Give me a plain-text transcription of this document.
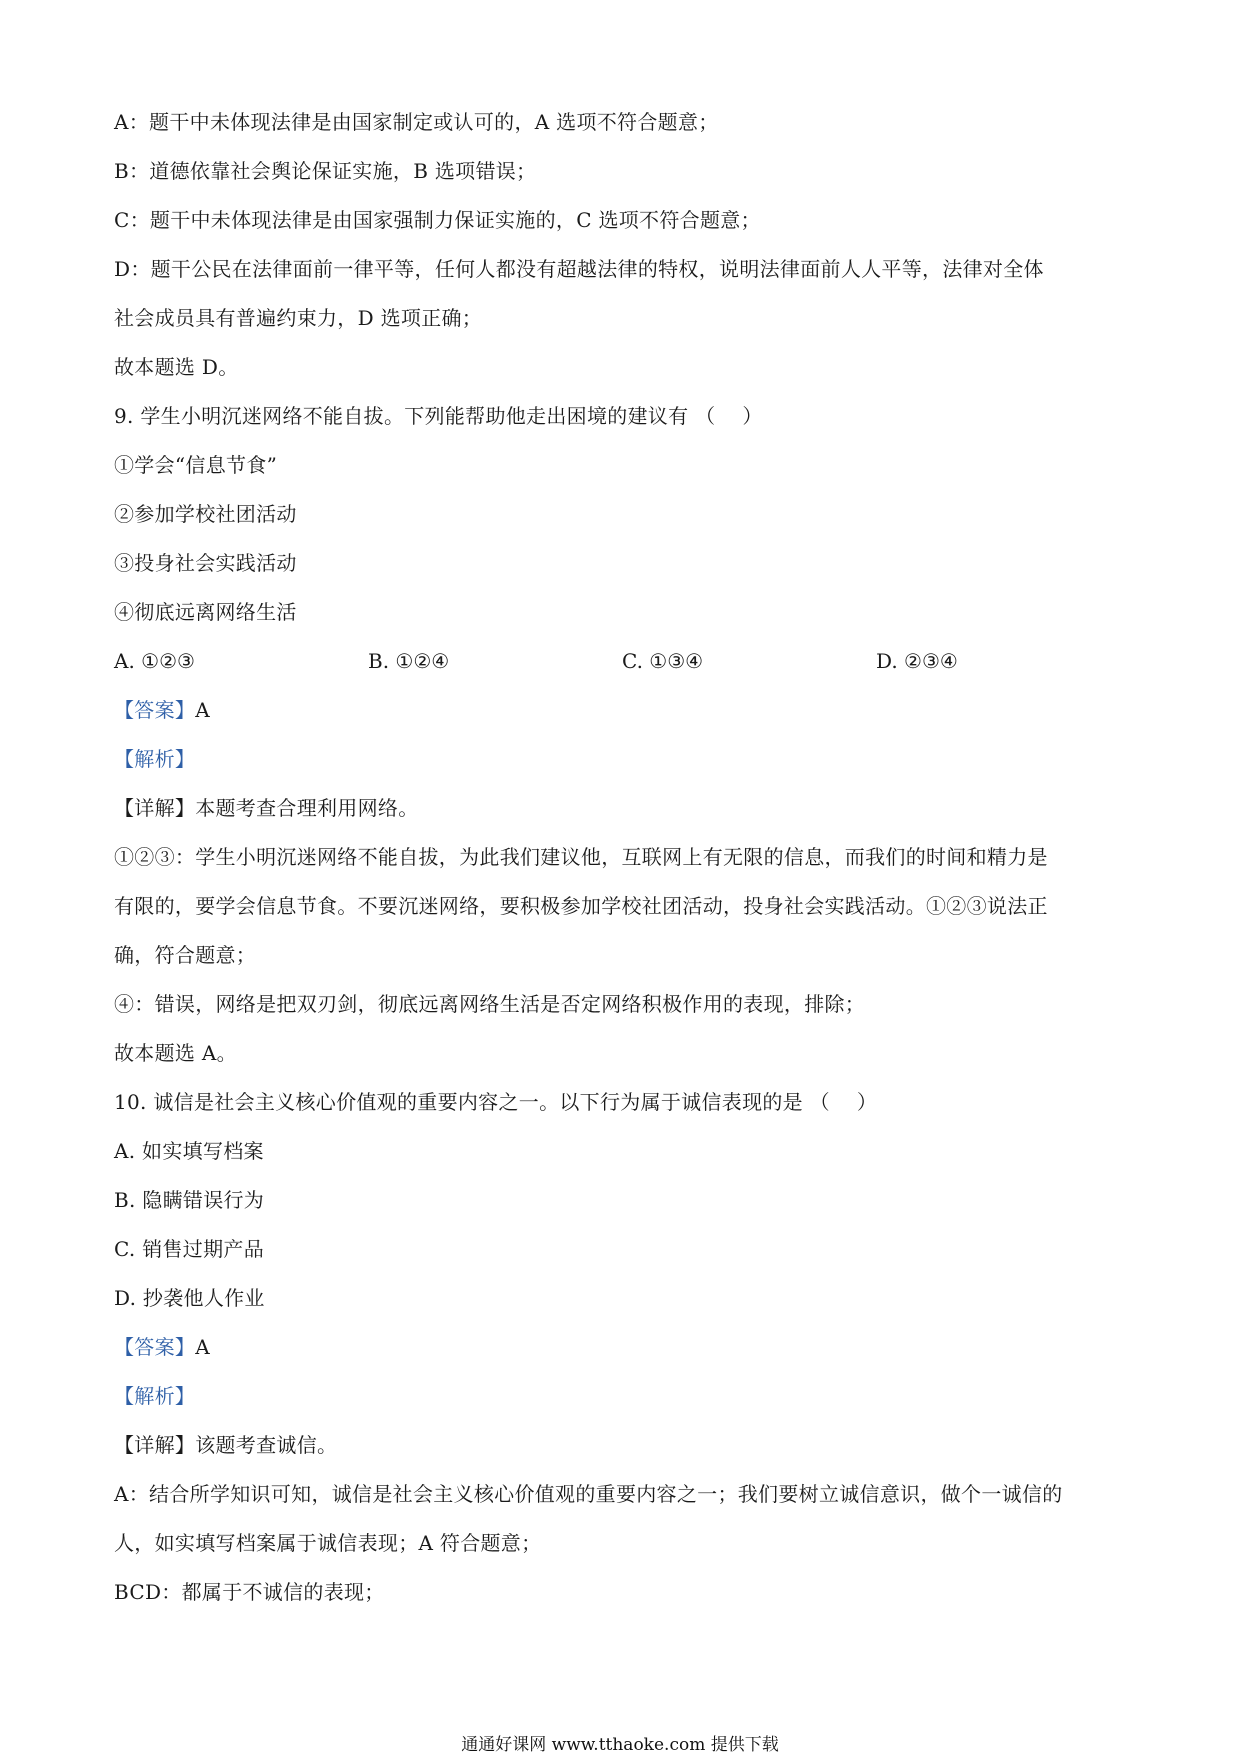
A：题干中未体现法律是由国家制定或认可的，A 选项不符合题意；
B：道德依靠社会舆论保证实施，B 选项错误；
C：题干中未体现法律是由国家强制力保证实施的，C 选项不符合题意；
D：题干公民在法律面前一律平等，任何人都没有超越法律的特权，说明法律面前人人平等，法律对全体
社会成员具有普遍约束力，D 选项正确；
故本题选 D。
9. 学生小明沉迷网络不能自拔。下列能帮助他走出困境的建议有 （　 ）
①学会“信息节食”
②参加学校社团活动
③投身社会实践活动
④彻底远离网络生活
A. ①②③	B. ①②④	C. ①③④	D. ②③④
【答案】A
【解析】
【详解】本题考查合理利用网络。
①②③：学生小明沉迷网络不能自拔，为此我们建议他，互联网上有无限的信息，而我们的时间和精力是
有限的，要学会信息节食。不要沉迷网络，要积极参加学校社团活动，投身社会实践活动。①②③说法正
确，符合题意；
④：错误，网络是把双刃剑，彻底远离网络生活是否定网络积极作用的表现，排除；
故本题选 A。
10. 诚信是社会主义核心价值观的重要内容之一。以下行为属于诚信表现的是 （　 ）
A. 如实填写档案
B. 隐瞒错误行为
C. 销售过期产品
D. 抄袭他人作业
【答案】A
【解析】
【详解】该题考查诚信。
A：结合所学知识可知，诚信是社会主义核心价值观的重要内容之一；我们要树立诚信意识，做个一诚信的
人，如实填写档案属于诚信表现；A 符合题意；
BCD：都属于不诚信的表现；
通通好课网 www.tthaoke.com 提供下载
